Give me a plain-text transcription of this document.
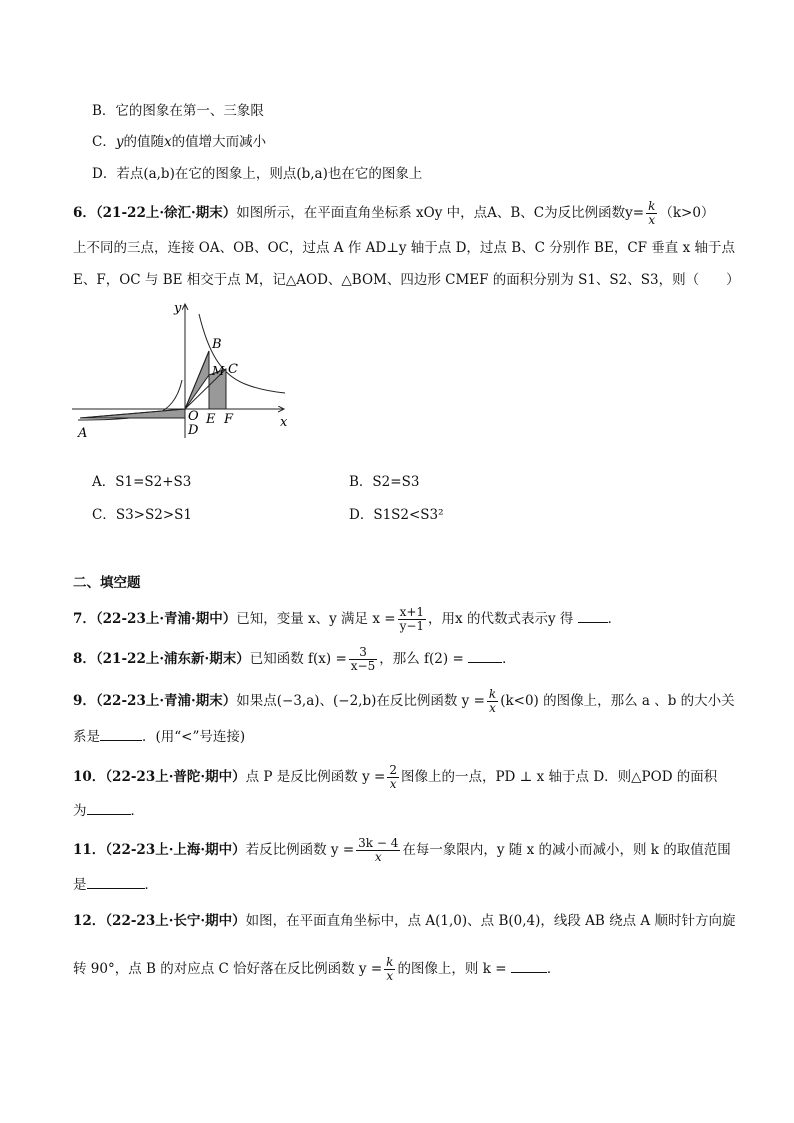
B．它的图象在第一、三象限
C．y的值随x的值增大而减小
D．若点(a,b)在它的图象上，则点(b,a)也在它的图象上
6．（21-22上·徐汇·期末）如图所示，在平面直角坐标系 xOy 中，点A、B、C为反比例函数$y= \frac{k}{x} (k>0)$
上不同的三点，连接 OA、OB、OC，过点 A 作 AD⊥y 轴于点 D，过点 B、C 分别作 BE，CF 垂直 x 轴于点
E、F，OC 与 BE 相交于点 M，记△AOD、△BOM、四边形 CMEF 的面积分别为 S1、S2、S3，则（　　）
y
x
A
B
C
M
O
D
E F
A．S1=S2+S3	B．S2=S3
C．S3>S2>S1	D．S1S2<S3²
二、填空题
7．（22-23上·青浦·期中）已知，变量 x、y 满足 $x = \frac{x+1}{y-1}$ ，用x 的代数式表示y 得	．
8．（21-22上·浦东新·期末）已知函数 $f(x) = \frac{3}{x-5}$ ，那么 f(2) =	．
9．（22-23上·青浦·期末）如果点(−3,a)、(−2,b)在反比例函数 $y = \frac{k}{x} (k<0)$ 的图像上，那么 a 、b 的大小关
系是	．(用“<”号连接)
10．（22-23上·普陀·期中）点 P 是反比例函数 $y = \frac{2}{x}$ 图像上的一点，PD ⊥ x 轴于点 D．则△POD 的面积
为	．
11．（22-23上·上海·期中）若反比例函数 $y = \frac{3k - 4}{x}$ 在每一象限内，y 随 x 的减小而减小，则 k 的取值范围
是	．
12．（22-23上·长宁·期中）如图，在平面直角坐标中，点 A(1,0)、点 B(0,4)，线段 AB 绕点 A 顺时针方向旋
转 90°，点 B 的对应点 C 恰好落在反比例函数 $y = \frac{k}{x}$ 的图像上，则 k =	．
